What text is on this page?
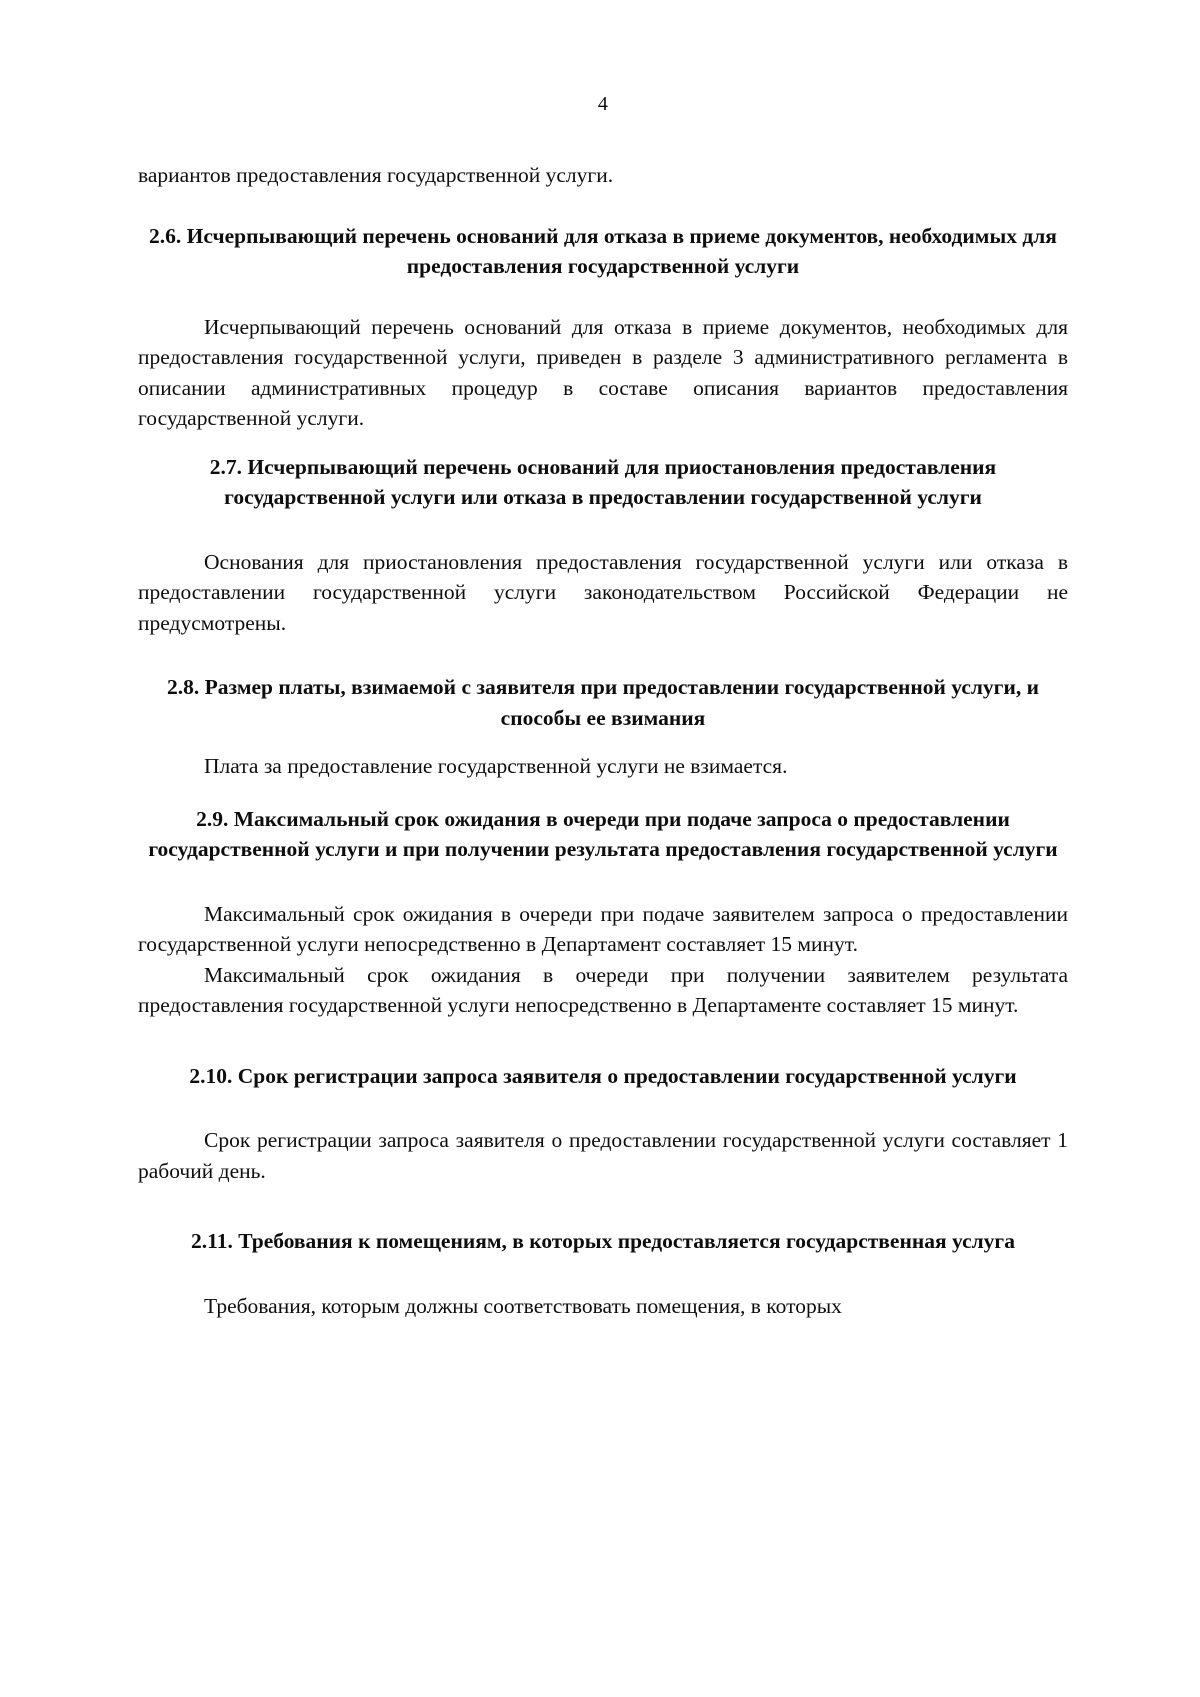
4

вариантов предоставления государственной услуги.

2.6. Исчерпывающий перечень оснований для отказа в приеме документов, необходимых для предоставления государственной услуги

Исчерпывающий перечень оснований для отказа в приеме документов, необходимых для предоставления государственной услуги, приведен в разделе 3 административного регламента в описании административных процедур в составе описания вариантов предоставления государственной услуги.

2.7. Исчерпывающий перечень оснований для приостановления предоставления государственной услуги или отказа в предоставлении государственной услуги

Основания для приостановления предоставления государственной услуги или отказа в предоставлении государственной услуги законодательством Российской Федерации не предусмотрены.

2.8. Размер платы, взимаемой с заявителя при предоставлении государственной услуги, и способы ее взимания

Плата за предоставление государственной услуги не взимается.

2.9. Максимальный срок ожидания в очереди при подаче запроса о предоставлении государственной услуги и при получении результата предоставления государственной услуги

Максимальный срок ожидания в очереди при подаче заявителем запроса о предоставлении государственной услуги непосредственно в Департамент составляет 15 минут.

Максимальный срок ожидания в очереди при получении заявителем результата предоставления государственной услуги непосредственно в Департаменте составляет 15 минут.

2.10. Срок регистрации запроса заявителя о предоставлении государственной услуги

Срок регистрации запроса заявителя о предоставлении государственной услуги составляет 1 рабочий день.

2.11. Требования к помещениям, в которых предоставляется государственная услуга

Требования, которым должны соответствовать помещения, в которых
